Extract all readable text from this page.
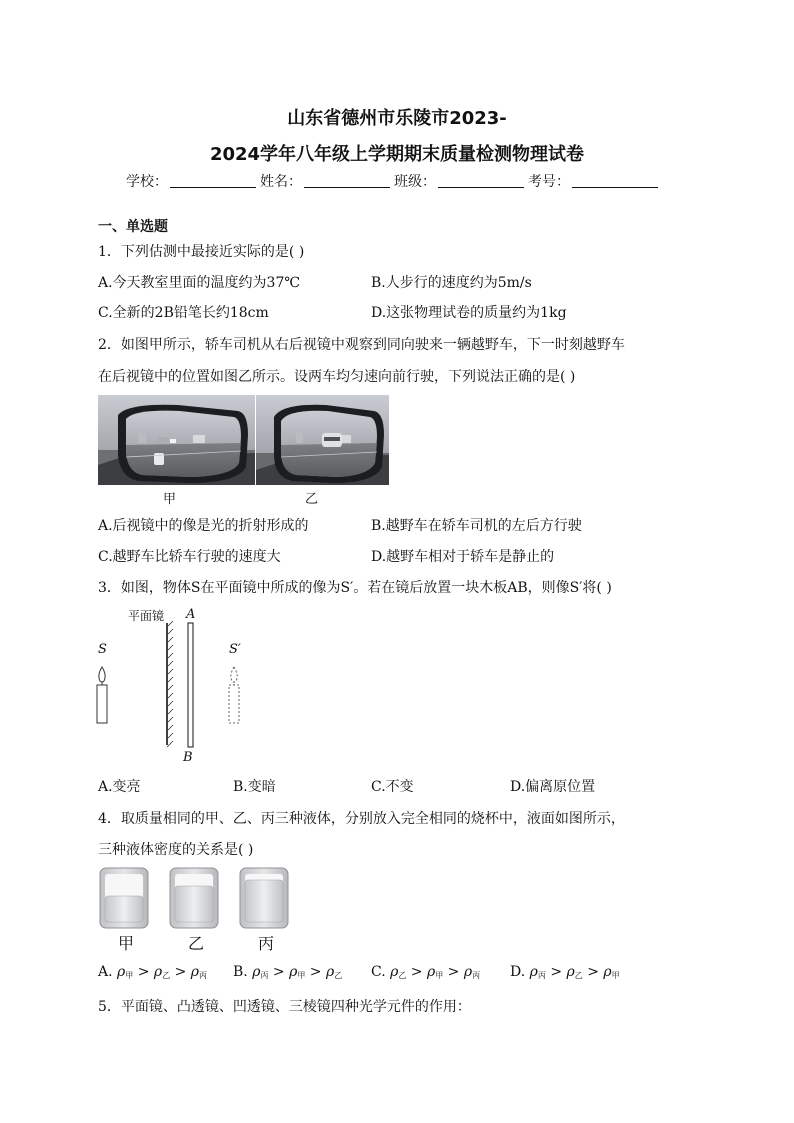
山东省德州市乐陵市2023-
2024学年八年级上学期期末质量检测物理试卷
学校：	姓名：	班级：	考号：
一、单选题
1．下列估测中最接近实际的是( )
A.今天教室里面的温度约为37℃	B.人步行的速度约为5m/s
C.全新的2B铅笔长约18cm	D.这张物理试卷的质量约为1kg
2．如图甲所示，轿车司机从右后视镜中观察到同向驶来一辆越野车，下一时刻越野车
在后视镜中的位置如图乙所示。设两车均匀速向前行驶，下列说法正确的是( )
甲	乙
A.后视镜中的像是光的折射形成的	B.越野车在轿车司机的左后方行驶
C.越野车比轿车行驶的速度大	D.越野车相对于轿车是静止的
3．如图，物体S在平面镜中所成的像为S′。若在镜后放置一块木板AB，则像S′将( )
平面镜 A
B
S	S′
A.变亮	B.变暗	C.不变	D.偏离原位置
4．取质量相同的甲、乙、丙三种液体，分别放入完全相同的烧杯中，液面如图所示，
三种液体密度的关系是( )
甲	乙	丙
A. $\rho_甲 > \rho_乙 > \rho_丙$ B. $\rho_丙 > \rho_甲 > \rho_乙$ C. $\rho_乙 > \rho_甲 > \rho_丙$ D. $\rho_丙 > \rho_乙 > \rho_甲$
5．平面镜、凸透镜、凹透镜、三棱镜四种光学元件的作用：
